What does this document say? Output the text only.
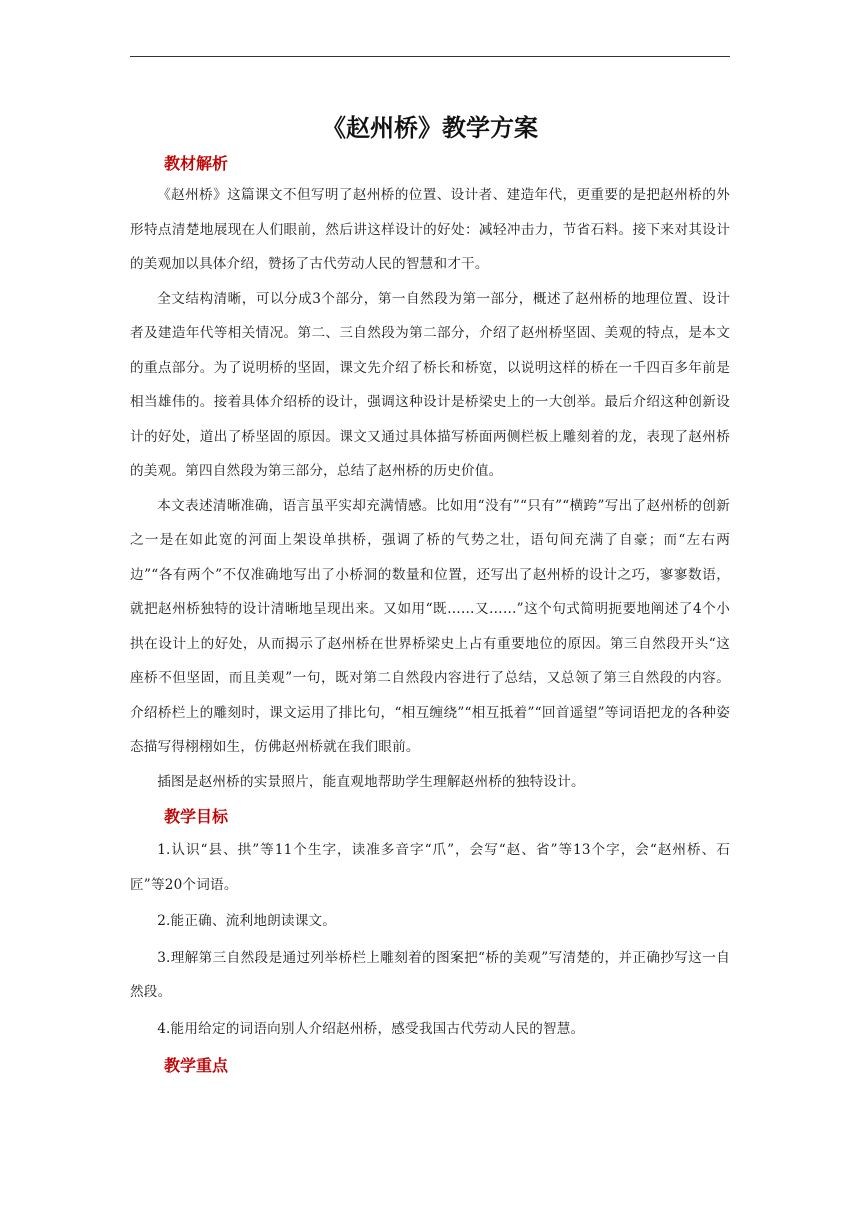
《赵州桥》教学方案
教材解析

《赵州桥》这篇课文不但写明了赵州桥的位置、设计者、建造年代，更重要的是把赵州桥的外形特点清楚地展现在人们眼前，然后讲这样设计的好处：减轻冲击力，节省石料。接下来对其设计的美观加以具体介绍，赞扬了古代劳动人民的智慧和才干。

全文结构清晰，可以分成3个部分，第一自然段为第一部分，概述了赵州桥的地理位置、设计者及建造年代等相关情况。第二、三自然段为第二部分，介绍了赵州桥坚固、美观的特点，是本文的重点部分。为了说明桥的坚固，课文先介绍了桥长和桥宽，以说明这样的桥在一千四百多年前是相当雄伟的。接着具体介绍桥的设计，强调这种设计是桥梁史上的一大创举。最后介绍这种创新设计的好处，道出了桥坚固的原因。课文又通过具体描写桥面两侧栏板上雕刻着的龙，表现了赵州桥的美观。第四自然段为第三部分，总结了赵州桥的历史价值。

本文表述清晰准确，语言虽平实却充满情感。比如用“没有”“只有”“横跨”写出了赵州桥的创新之一是在如此宽的河面上架设单拱桥，强调了桥的气势之壮，语句间充满了自豪；而“左右两边”“各有两个”不仅准确地写出了小桥洞的数量和位置，还写出了赵州桥的设计之巧，寥寥数语，就把赵州桥独特的设计清晰地呈现出来。又如用“既……又……”这个句式简明扼要地阐述了4个小拱在设计上的好处，从而揭示了赵州桥在世界桥梁史上占有重要地位的原因。第三自然段开头“这座桥不但坚固，而且美观”一句，既对第二自然段内容进行了总结，又总领了第三自然段的内容。介绍桥栏上的雕刻时，课文运用了排比句，“相互缠绕”“相互抵着”“回首遥望”等词语把龙的各种姿态描写得栩栩如生，仿佛赵州桥就在我们眼前。

插图是赵州桥的实景照片，能直观地帮助学生理解赵州桥的独特设计。

教学目标

1.认识“县、拱”等11个生字，读准多音字“爪”，会写“赵、省”等13个字，会“赵州桥、石匠”等20个词语。

2.能正确、流利地朗读课文。

3.理解第三自然段是通过列举桥栏上雕刻着的图案把“桥的美观”写清楚的，并正确抄写这一自然段。

4.能用给定的词语向别人介绍赵州桥，感受我国古代劳动人民的智慧。

教学重点
